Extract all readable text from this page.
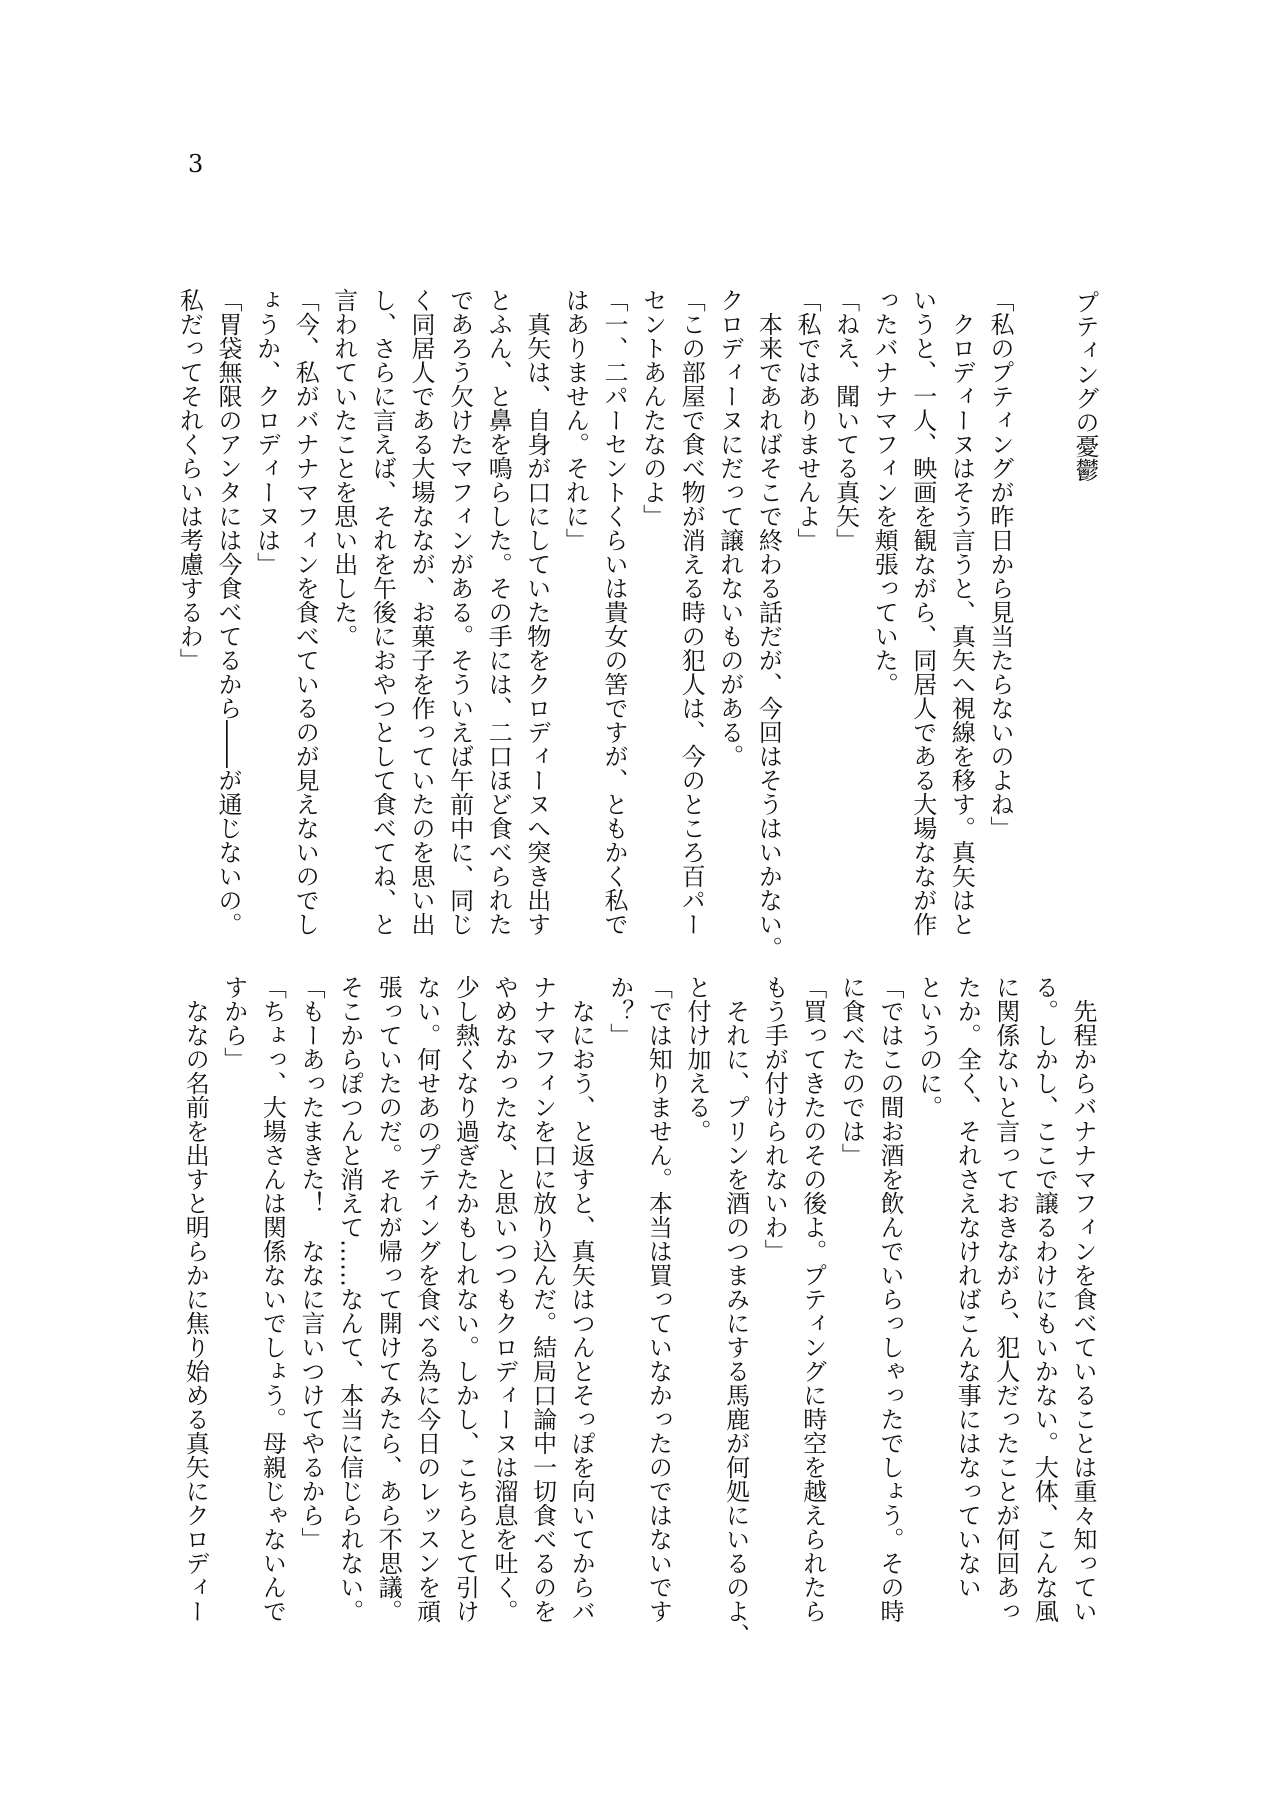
3
プティングの憂鬱
「私のプティングが昨日から見当たらないのよね」
　クロディーヌはそう言うと、真矢へ視線を移す。真矢はと
いうと、一人、映画を観ながら、同居人である大場ななが作
ったバナナマフィンを頬張っていた。
「ねえ、聞いてる真矢」
「私ではありませんよ」
　本来であればそこで終わる話だが、今回はそうはいかない。
クロディーヌにだって譲れないものがある。
「この部屋で食べ物が消える時の犯人は、今のところ百パー
セントあんたなのよ」
「一、二パーセントくらいは貴女の筈ですが、ともかく私で
はありません。それに」
　真矢は、自身が口にしていた物をクロディーヌへ突き出す
とふん、と鼻を鳴らした。その手には、二口ほど食べられた
であろう欠けたマフィンがある。そういえば午前中に、同じ
く同居人である大場ななが、お菓子を作っていたのを思い出
し、さらに言えば、それを午後におやつとして食べてね、と
言われていたことを思い出した。
「今、私がバナナマフィンを食べているのが見えないのでし
ょうか、クロディーヌは」
「胃袋無限のアンタには今食べてるから――が通じないの。
私だってそれくらいは考慮するわ」
　先程からバナナマフィンを食べていることは重々知ってい
る。しかし、ここで譲るわけにもいかない。大体、こんな風
に関係ないと言っておきながら、犯人だったことが何回あっ
たか。全く、それさえなければこんな事にはなっていない
というのに。
「ではこの間お酒を飲んでいらっしゃったでしょう。その時
に食べたのでは」
「買ってきたのその後よ。プティングに時空を越えられたら
もう手が付けられないわ」
　それに、プリンを酒のつまみにする馬鹿が何処にいるのよ、
と付け加える。
「では知りません。本当は買っていなかったのではないです
か？」
　なにおう、と返すと、真矢はつんとそっぽを向いてからバ
ナナマフィンを口に放り込んだ。結局口論中一切食べるのを
やめなかったな、と思いつつもクロディーヌは溜息を吐く。
少し熱くなり過ぎたかもしれない。しかし、こちらとて引け
ない。何せあのプティングを食べる為に今日のレッスンを頑
張っていたのだ。それが帰って開けてみたら、あら不思議。
そこからぽつんと消えて……なんて、本当に信じられない。
「もーあったまきた！　ななに言いつけてやるから」
「ちょっ、大場さんは関係ないでしょう。母親じゃないんで
すから」
　ななの名前を出すと明らかに焦り始める真矢にクロディー
